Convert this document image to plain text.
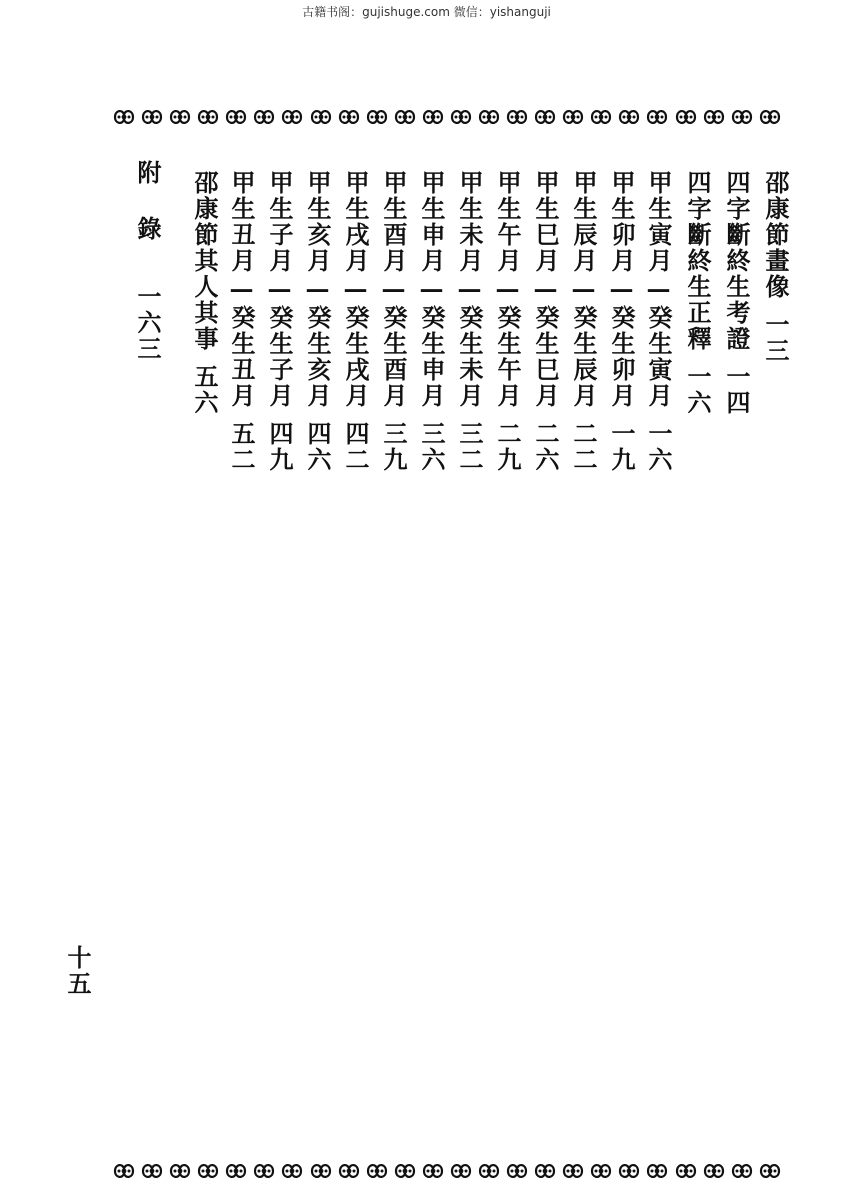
古籍书阁：gujishuge.com 微信：yishanguji
邵康節畫像
一三
四字斷終生考證
一四
四字斷終生正釋
一六
甲生寅月—癸生寅月
一六
甲生卯月—癸生卯月
一九
甲生辰月—癸生辰月
二二
甲生巳月—癸生巳月
二六
甲生午月—癸生午月
二九
甲生未月—癸生未月
三二
甲生申月—癸生申月
三六
甲生酉月—癸生酉月
三九
甲生戌月—癸生戌月
四二
甲生亥月—癸生亥月
四六
甲生子月—癸生子月
四九
甲生丑月—癸生丑月
五二
邵康節其人其事
五六
附錄
一六三
十五
